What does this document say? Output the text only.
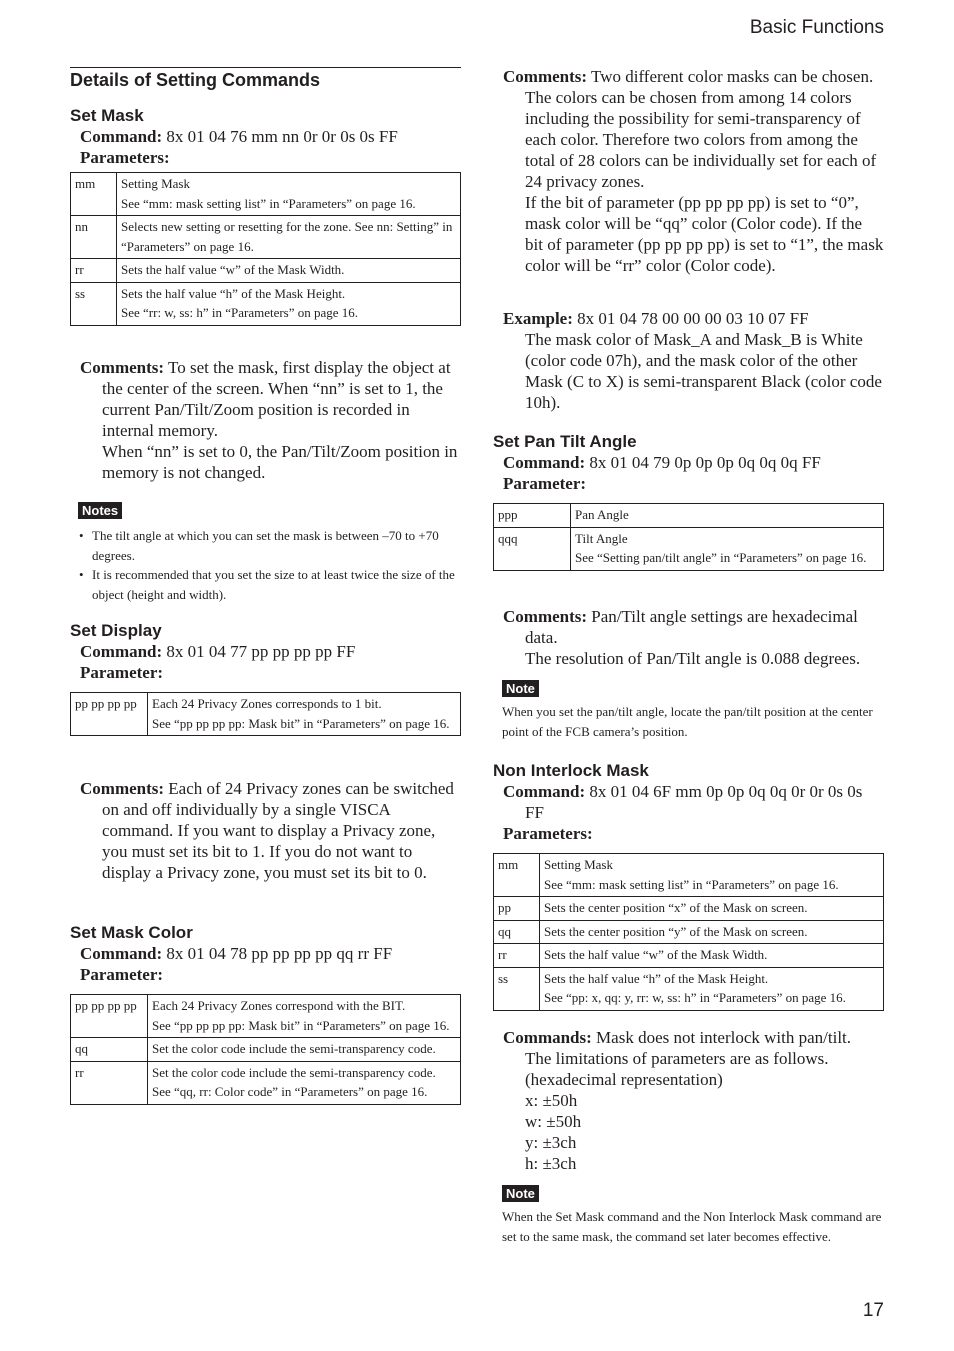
Basic Functions
Details of Setting Commands
Set Mask
Command: 8x 01 04 76 mm nn 0r 0r 0s 0s FF
Parameters:
mm	Setting Mask
See “mm: mask setting list” in “Parameters” on page 16.

nn	Selects new setting or resetting for the zone. See nn: Setting” in “Parameters” on page 16.

rr	Sets the half value “w” of the Mask Width.

ss	Sets the half value “h” of the Mask Height.
See “rr: w, ss: h” in “Parameters” on page 16.
Comments: To set the mask, first display the object at the center of the screen. When “nn” is set to 1, the current Pan/Tilt/Zoom position is recorded in internal memory.
When “nn” is set to 0, the Pan/Tilt/Zoom position in memory is not changed.
Notes
• The tilt angle at which you can set the mask is between –70 to +70 degrees.
• It is recommended that you set the size to at least twice the size of the object (height and width).
Set Display
Command: 8x 01 04 77 pp pp pp pp FF
Parameter:
pp pp pp pp	Each 24 Privacy Zones corresponds to 1 bit.
See “pp pp pp pp: Mask bit” in “Parameters” on page 16.
Comments: Each of 24 Privacy zones can be switched on and off individually by a single VISCA command. If you want to display a Privacy zone, you must set its bit to 1. If you do not want to display a Privacy zone, you must set its bit to 0.
Set Mask Color
Command: 8x 01 04 78 pp pp pp pp qq rr FF
Parameter:
pp pp pp pp	Each 24 Privacy Zones correspond with the BIT.
See “pp pp pp pp: Mask bit” in “Parameters” on page 16.

qq	Set the color code include the semi-transparency code.

rr	Set the color code include the semi-transparency code. See “qq, rr: Color code” in “Parameters” on page 16.
Comments: Two different color masks can be chosen.
The colors can be chosen from among 14 colors including the possibility for semi-transparency of each color. Therefore two colors from among the total of 28 colors can be individually set for each of 24 privacy zones.
If the bit of parameter (pp pp pp pp) is set to “0”, mask color will be “qq” color (Color code). If the bit of parameter (pp pp pp pp) is set to “1”, the mask color will be “rr” color (Color code).
Example: 8x 01 04 78 00 00 00 03 10 07 FF
The mask color of Mask_A and Mask_B is White (color code 07h), and the mask color of the other Mask (C to X) is semi-transparent Black (color code 10h).
Set Pan Tilt Angle
Command: 8x 01 04 79 0p 0p 0p 0q 0q 0q FF
Parameter:
ppp	Pan Angle

qqq	Tilt Angle
See “Setting pan/tilt angle” in “Parameters” on page 16.
Comments: Pan/Tilt angle settings are hexadecimal data.
The resolution of Pan/Tilt angle is 0.088 degrees.
Note
When you set the pan/tilt angle, locate the pan/tilt position at the center point of the FCB camera’s position.
Non Interlock Mask
Command: 8x 01 04 6F mm 0p 0p 0q 0q 0r 0r 0s 0s FF
Parameters:
mm	Setting Mask
See “mm: mask setting list” in “Parameters” on page 16.

pp	Sets the center position “x” of the Mask on screen.

qq	Sets the center position “y” of the Mask on screen.

rr	Sets the half value “w” of the Mask Width.

ss	Sets the half value “h” of the Mask Height.
See “pp: x, qq: y, rr: w, ss: h” in “Parameters” on page 16.
Commands: Mask does not interlock with pan/tilt.
The limitations of parameters are as follows. (hexadecimal representation)
x: ±50h
w: ±50h
y: ±3ch
h: ±3ch
Note
When the Set Mask command and the Non Interlock Mask command are set to the same mask, the command set later becomes effective.
17
